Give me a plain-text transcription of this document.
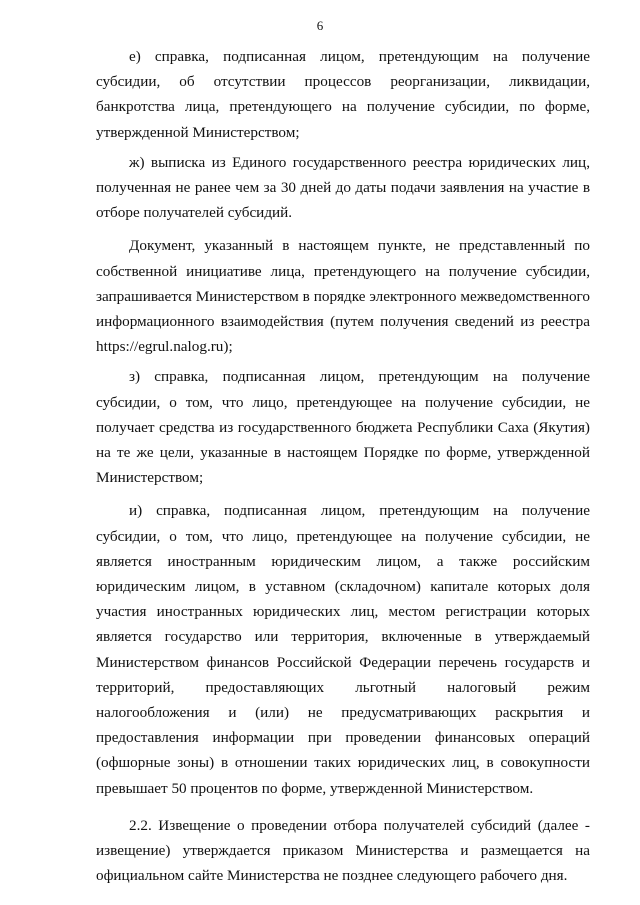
6

е) справка, подписанная лицом, претендующим на получение субсидии, об отсутствии процессов реорганизации, ликвидации, банкротства лица, претендующего на получение субсидии, по форме, утвержденной Министерством;

ж) выписка из Единого государственного реестра юридических лиц, полученная не ранее чем за 30 дней до даты подачи заявления на участие в отборе получателей субсидий.

Документ, указанный в настоящем пункте, не представленный по собственной инициативе лица, претендующего на получение субсидии, запрашивается Министерством в порядке электронного межведомственного информационного взаимодействия (путем получения сведений из реестра https://egrul.nalog.ru);

з) справка, подписанная лицом, претендующим на получение субсидии, о том, что лицо, претендующее на получение субсидии, не получает средства из государственного бюджета Республики Саха (Якутия) на те же цели, указанные в настоящем Порядке по форме, утвержденной Министерством;

и) справка, подписанная лицом, претендующим на получение субсидии, о том, что лицо, претендующее на получение субсидии, не является иностранным юридическим лицом, а также российским юридическим лицом, в уставном (складочном) капитале которых доля участия иностранных юридических лиц, местом регистрации которых является государство или территория, включенные в утверждаемый Министерством финансов Российской Федерации перечень государств и территорий, предоставляющих льготный налоговый режим налогообложения и (или) не предусматривающих раскрытия и предоставления информации при проведении финансовых операций (офшорные зоны) в отношении таких юридических лиц, в совокупности превышает 50 процентов по форме, утвержденной Министерством.

2.2. Извещение о проведении отбора получателей субсидий (далее - извещение) утверждается приказом Министерства и размещается на официальном сайте Министерства не позднее следующего рабочего дня.
